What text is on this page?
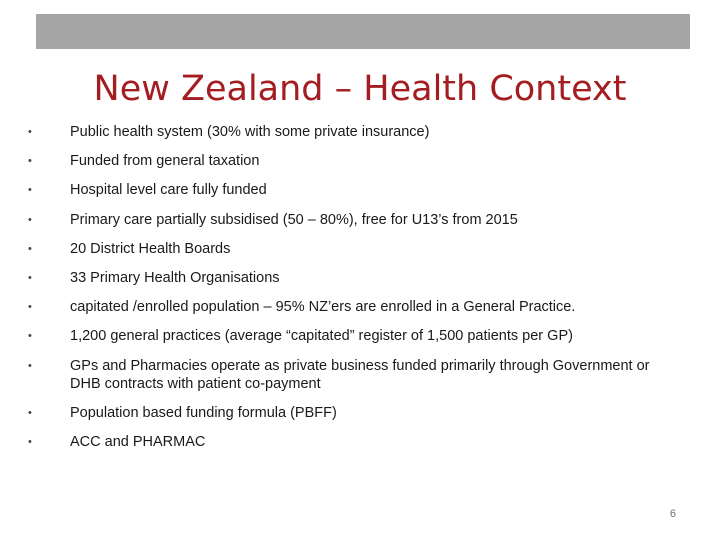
New Zealand – Health Context
•	Public health system (30% with some private insurance)
•	Funded from general taxation
•	Hospital level care fully funded
•	Primary care partially subsidised (50 – 80%), free for U13’s from 2015
•	20 District Health Boards
•	33 Primary Health Organisations
•	capitated /enrolled population – 95% NZ’ers are enrolled in a General Practice.
•	1,200 general practices (average “capitated” register of 1,500 patients per GP)
•	GPs and Pharmacies operate as private business funded primarily through Government or DHB contracts with patient co-payment
•	Population based funding formula (PBFF)
•	ACC and PHARMAC
6
